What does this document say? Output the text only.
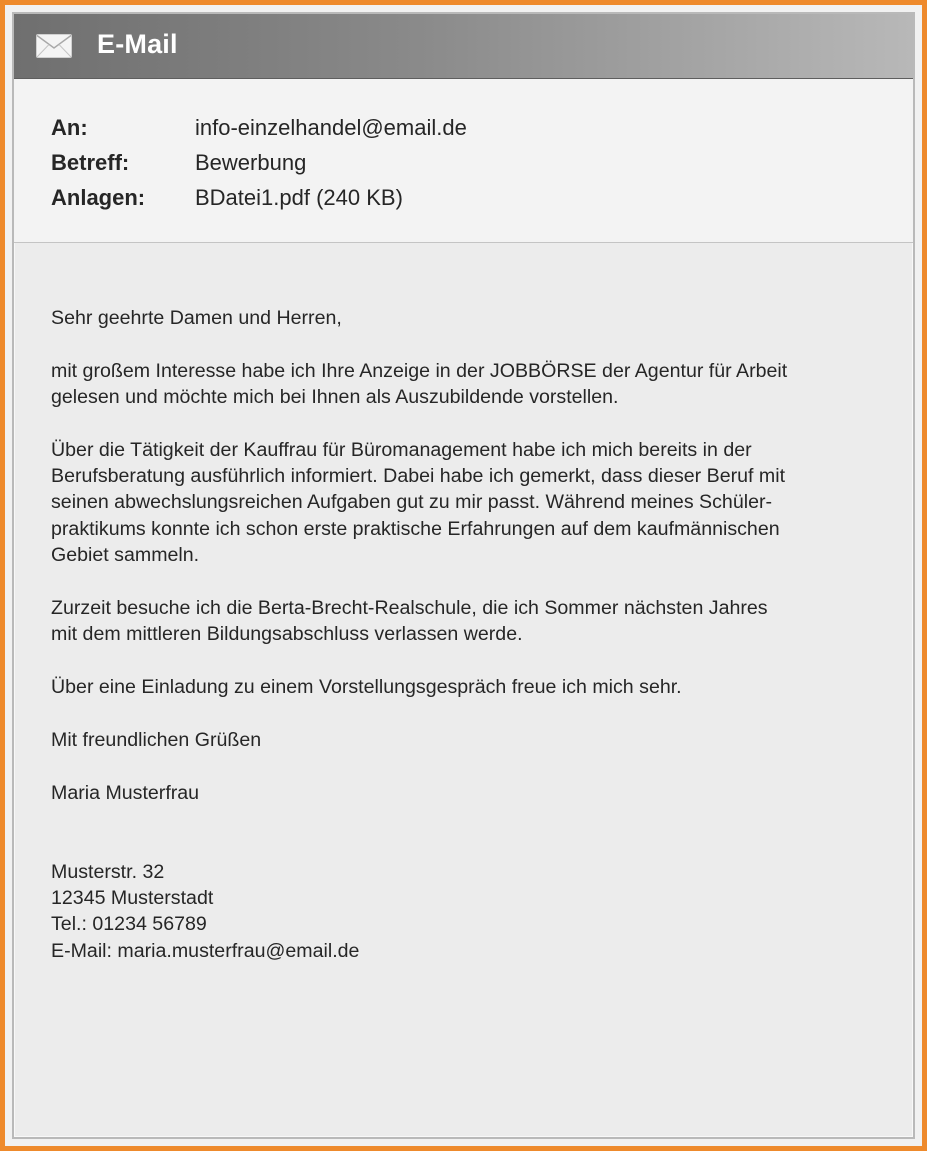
E-Mail
An:	info-einzelhandel@email.de
Betreff:	Bewerbung
Anlagen: BDatei1.pdf (240 KB)

Sehr geehrte Damen und Herren,

mit großem Interesse habe ich Ihre Anzeige in der JOBBÖRSE der Agentur für Arbeit

gelesen und möchte mich bei Ihnen als Auszubildende vorstellen.

Über die Tätigkeit der Kauffrau für Büromanagement habe ich mich bereits in der

Berufsberatung ausführlich informiert. Dabei habe ich gemerkt, dass dieser Beruf mit

seinen abwechslungsreichen Aufgaben gut zu mir passt. Während meines Schüler-

praktikums konnte ich schon erste praktische Erfahrungen auf dem kaufmännischen

Gebiet sammeln.

Zurzeit besuche ich die Berta-Brecht-Realschule, die ich Sommer nächsten Jahres

mit dem mittleren Bildungsabschluss verlassen werde.

Über eine Einladung zu einem Vorstellungsgespräch freue ich mich sehr.

Mit freundlichen Grüßen

Maria Musterfrau

Musterstr. 32

12345 Musterstadt

Tel.: 01234 56789

E-Mail: maria.musterfrau@email.de
